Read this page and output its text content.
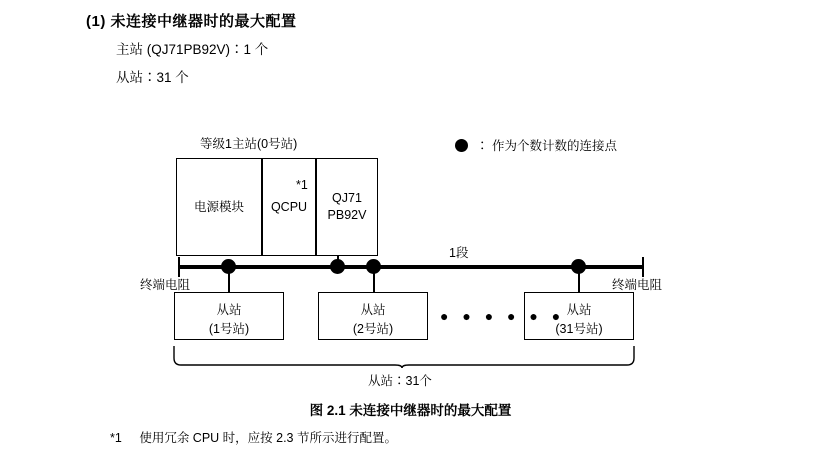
(1) 未连接中继器时的最大配置
主站 (QJ71PB92V)∶1 个
从站∶31 个
∶ 作为个数计数的连接点
等级1主站(0号站)
电源模块	QCPU
QJ71
PB92V
*1
1段
终端电阻	终端电阻
从站
(1号站)
从站
(2号站)
从站
(31号站)
● ● ● ● ● ●
从站∶31个
图 2.1 未连接中继器时的最大配置
*1 使用冗余 CPU 时，应按 2.3 节所示进行配置。
